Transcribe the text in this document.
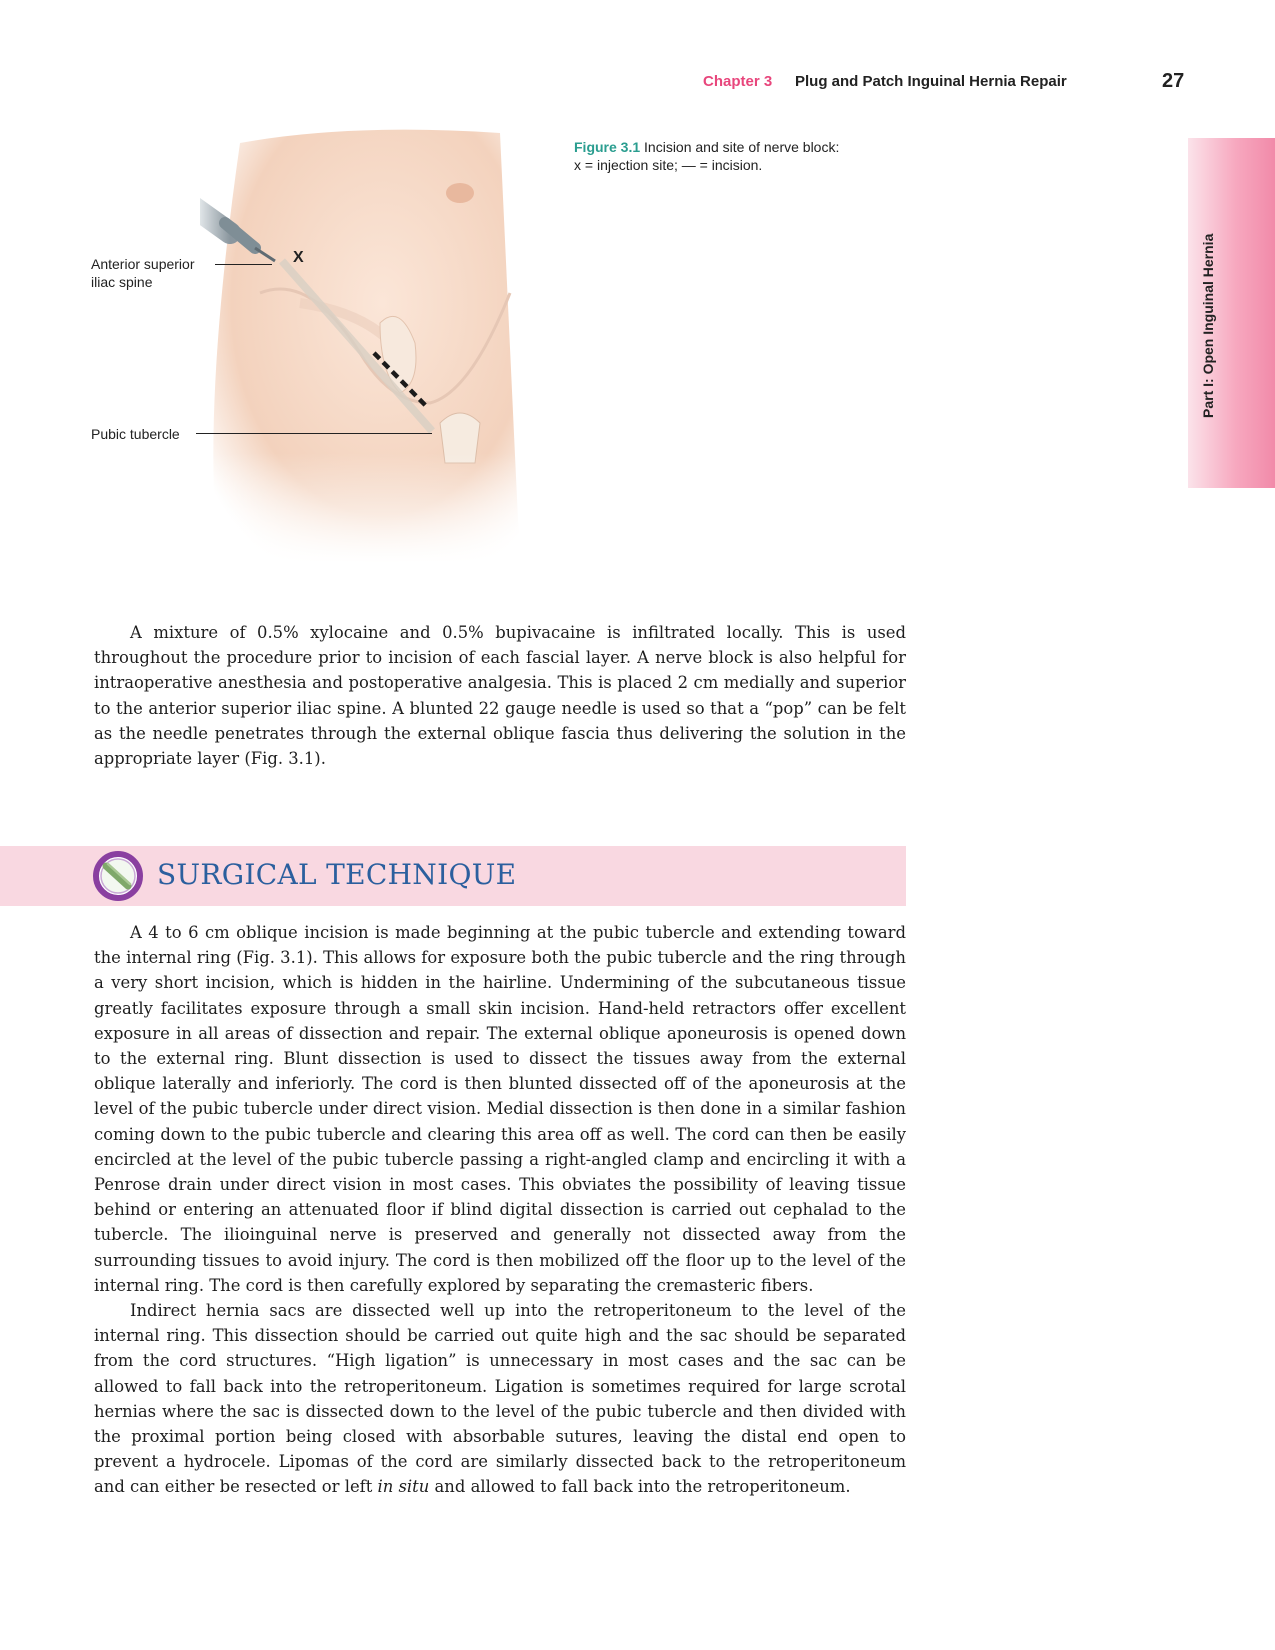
Chapter 3 Plug and Patch Inguinal Hernia Repair	27
Part I: Open Inguinal Hernia
X
Anterior superior
iliac spine
Pubic tubercle
Figure 3.1 Incision and site of nerve block:
x = injection site; — = incision.

A mixture of 0.5% xylocaine and 0.5% bupivacaine is infiltrated locally. This is used throughout the procedure prior to incision of each fascial layer. A nerve block is also helpful for intraoperative anesthesia and postoperative analgesia. This is placed 2 cm medially and superior to the anterior superior iliac spine. A blunted 22 gauge needle is used so that a “pop” can be felt as the needle penetrates through the external oblique fascia thus delivering the solution in the appropriate layer (Fig. 3.1).

SURGICAL TECHNIQUE

A 4 to 6 cm oblique incision is made beginning at the pubic tubercle and extending toward the internal ring (Fig. 3.1). This allows for exposure both the pubic tubercle and the ring through a very short incision, which is hidden in the hairline. Undermining of the subcutaneous tissue greatly facilitates exposure through a small skin incision. Hand-held retractors offer excellent exposure in all areas of dissection and repair. The external oblique aponeurosis is opened down to the external ring. Blunt dissection is used to dissect the tissues away from the external oblique laterally and inferiorly. The cord is then blunted dissected off of the aponeurosis at the level of the pubic tubercle under direct vision. Medial dissection is then done in a similar fashion coming down to the pubic tubercle and clearing this area off as well. The cord can then be easily encircled at the level of the pubic tubercle passing a right-angled clamp and encircling it with a Penrose drain under direct vision in most cases. This obviates the possibility of leaving tissue behind or entering an attenuated floor if blind digital dissection is carried out cephalad to the tubercle. The ilioinguinal nerve is preserved and generally not dissected away from the surrounding tissues to avoid injury. The cord is then mobilized off the floor up to the level of the internal ring. The cord is then carefully explored by separating the cremasteric fibers.

Indirect hernia sacs are dissected well up into the retroperitoneum to the level of the internal ring. This dissection should be carried out quite high and the sac should be separated from the cord structures. “High ligation” is unnecessary in most cases and the sac can be allowed to fall back into the retroperitoneum. Ligation is sometimes required for large scrotal hernias where the sac is dissected down to the level of the pubic tubercle and then divided with the proximal portion being closed with absorbable sutures, leaving the distal end open to prevent a hydrocele. Lipomas of the cord are similarly dissected back to the retroperitoneum and can either be resected or left in situ and allowed to fall back into the retroperitoneum.
